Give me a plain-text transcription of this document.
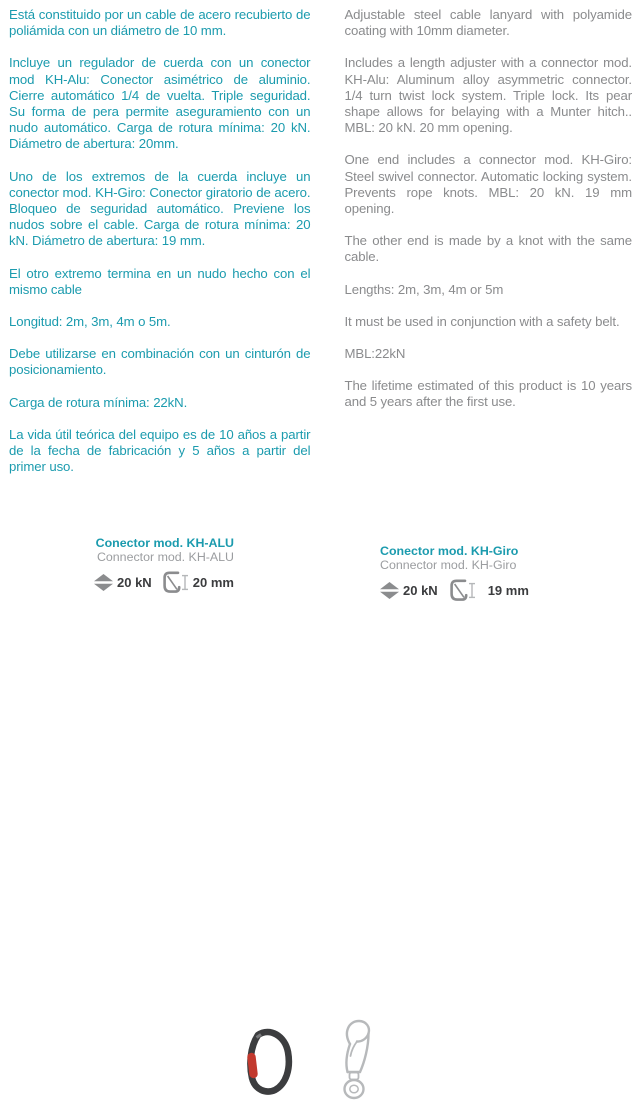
Está constituido por un cable de acero recubierto de poliámida con un diámetro de 10 mm.

Incluye un regulador de cuerda con un conector mod KH-Alu: Conector asimétrico de aluminio. Cierre automático 1/4 de vuelta. Triple seguridad. Su forma de pera permite aseguramiento con un nudo automático. Carga de rotura mínima: 20 kN. Diámetro de abertura: 20mm.

Uno de los extremos de la cuerda incluye un conector mod. KH-Giro: Conector giratorio de acero. Bloqueo de seguridad automático. Previene los nudos sobre el cable. Carga de rotura mínima: 20 kN. Diámetro de abertura: 19 mm.

El otro extremo termina en un nudo hecho con el mismo cable

Longitud: 2m, 3m, 4m o 5m.

Debe utilizarse en combinación con un cinturón de posicionamiento.

Carga de rotura mínima: 22kN.

La vida útil teórica del equipo es de 10 años a partir de la fecha de fabricación y 5 años a partir del primer uso.

Adjustable steel cable lanyard with polyamide coating with 10mm diameter.

Includes a length adjuster with a connector mod. KH-Alu: Aluminum alloy asymmetric connector. 1/4 turn twist lock system. Triple lock. Its pear shape allows for belaying with a Munter hitch.. MBL: 20 kN. 20 mm opening.

One end includes a connector mod. KH-Giro: Steel swivel connector. Automatic locking system. Prevents rope knots. MBL: 20 kN. 19 mm opening.

The other end is made by a knot with the same cable.

Lengths: 2m, 3m, 4m or 5m

It must be used in conjunction with a safety belt.

MBL:22kN

The lifetime estimated of this product is 10 years and 5 years after the first use.

Conector mod. KH-ALU
Connector mod. KH-ALU
20 kN	20 mm
Conector mod. KH-Giro
Connector mod. KH-Giro
20 kN	19 mm
